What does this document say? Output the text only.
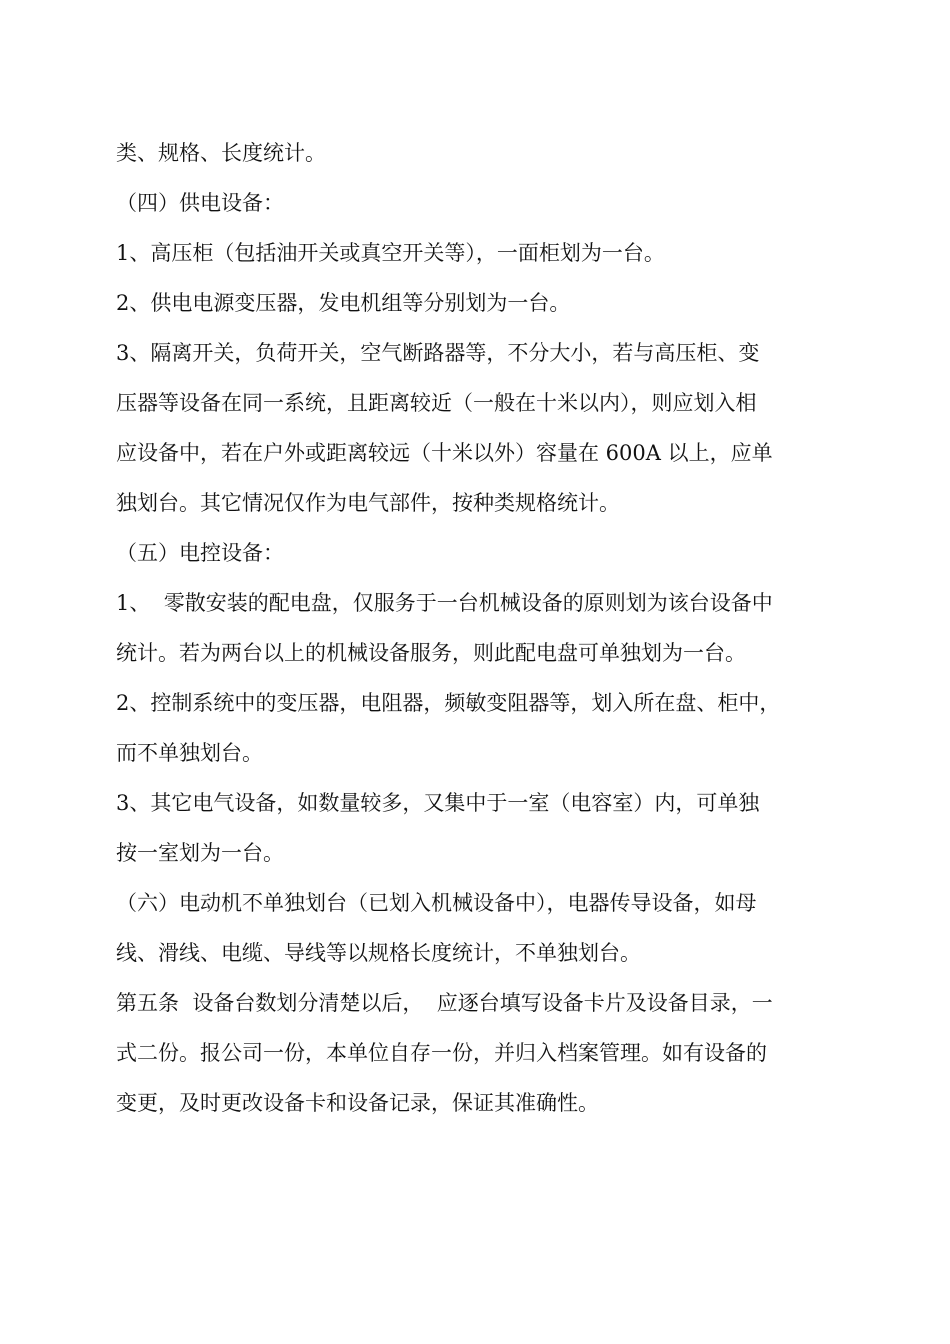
类、规格、长度统计。
（四）供电设备：
1、高压柜（包括油开关或真空开关等），一面柜划为一台。
2、供电电源变压器，发电机组等分别划为一台。
3、隔离开关，负荷开关，空气断路器等，不分大小，若与高压柜、变
压器等设备在同一系统，且距离较近（一般在十米以内），则应划入相
应设备中，若在户外或距离较远（十米以外）容量在 600A 以上，应单
独划台。其它情况仅作为电气部件，按种类规格统计。
（五）电控设备：
1、  零散安装的配电盘，仅服务于一台机械设备的原则划为该台设备中
统计。若为两台以上的机械设备服务，则此配电盘可单独划为一台。
2、控制系统中的变压器，电阻器，频敏变阻器等，划入所在盘、柜中，
而不单独划台。
3、其它电气设备，如数量较多，又集中于一室（电容室）内，可单独
按一室划为一台。
（六）电动机不单独划台（已划入机械设备中），电器传导设备，如母
线、滑线、电缆、导线等以规格长度统计，不单独划台。
第五条  设备台数划分清楚以后，  应逐台填写设备卡片及设备目录，一
式二份。报公司一份，本单位自存一份，并归入档案管理。如有设备的
变更，及时更改设备卡和设备记录，保证其准确性。
